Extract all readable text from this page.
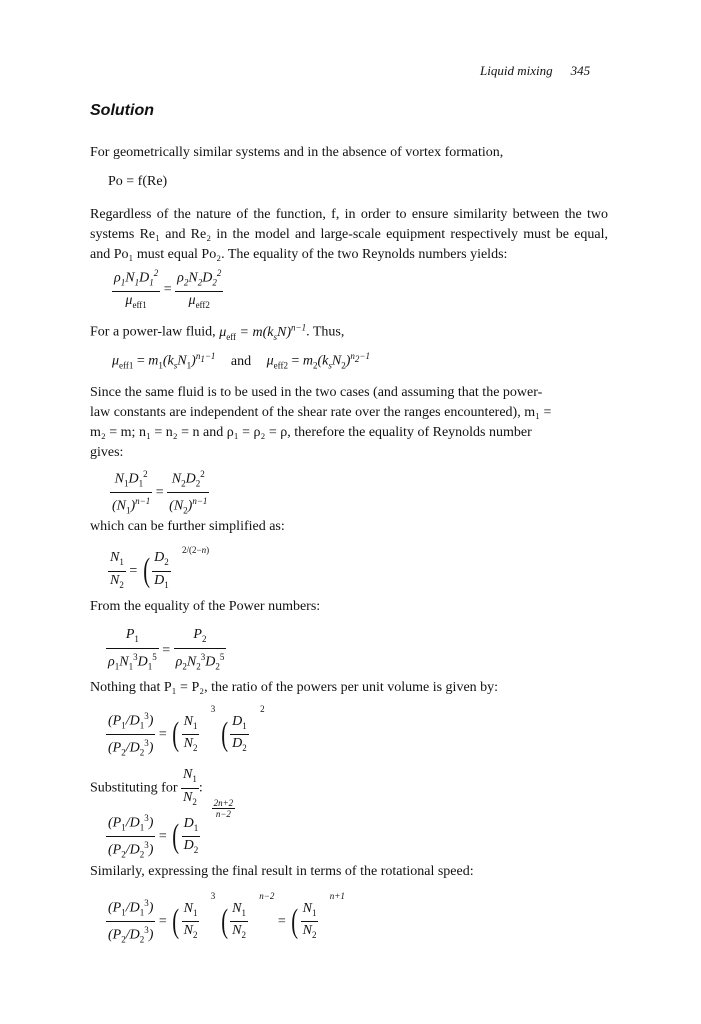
Liquid mixing 345
Solution

For geometrically similar systems and in the absence of vortex formation,

Po = f(Re)

Regardless of the nature of the function, f, in order to ensure similarity between the two systems Re₁ and Re₂ in the model and large-scale equipment respectively must be equal, and Po₁ must equal Po₂. The equality of the two Reynolds numbers yields:

$\frac{\rho_1N_1D_1^2}{\mu_{eff1}} = \frac{\rho_2N_2D_2^2}{\mu_{eff2}}$
For a power-law fluid, $\mu_{eff} = m(k_sN)^{n-1}$. Thus,
$\mu_{eff1} = m_1(k_sN_1)^{n_1-1}$ and $\mu_{eff2} = m_2(k_sN_2)^{n_2-1}$
Since the same fluid is to be used in the two cases (and assuming that the power-
law constants are independent of the shear rate over the ranges encountered), m₁ =
m₂ = m; n₁ = n₂ = n and ρ₁ = ρ₂ = ρ, therefore the equality of Reynolds number
gives:
$\frac{N_1D_1^2}{(N_1)^{n-1}} = \frac{N_2D_2^2}{(N_2)^{n-1}}$

which can be further simplified as:

$\frac{N_1}{N_2}$ = ( $\frac{D_2}{D_1} ^{2/(2-n)}$

From the equality of the Power numbers:

$\frac{P_1}{\rho_1N_1^3D_1^5} = \frac{P_2}{\rho_2N_2^3D_2^5}$

Nothing that P₁ = P₂, the ratio of the powers per unit volume is given by:

$\frac{(P_1/D_1^3)}{(P_2/D_2^3)}$ = ( $\frac{N_1}{N_2}$
$^3$ ( $\frac{D_1}{D_2}$
$^2$
Substituting for $\frac{N_1}{N_2}$ :
$\frac{(P_1/D_1^3)}{(P_2/D_2^3)}$ = ( $\frac{D_1}{D_2}$
$^{\frac{2n+2}{n-2}}$

Similarly, expressing the final result in terms of the rotational speed:

$\frac{(P_1/D_1^3)}{(P_2/D_2^3)}$ = ( $\frac{N_1}{N_2}$
$^3$ ( $\frac{N_1}{N_2}$
$^{n-2}$ = ( $\frac{N_1}{N_2}$
$^{n+1}$
